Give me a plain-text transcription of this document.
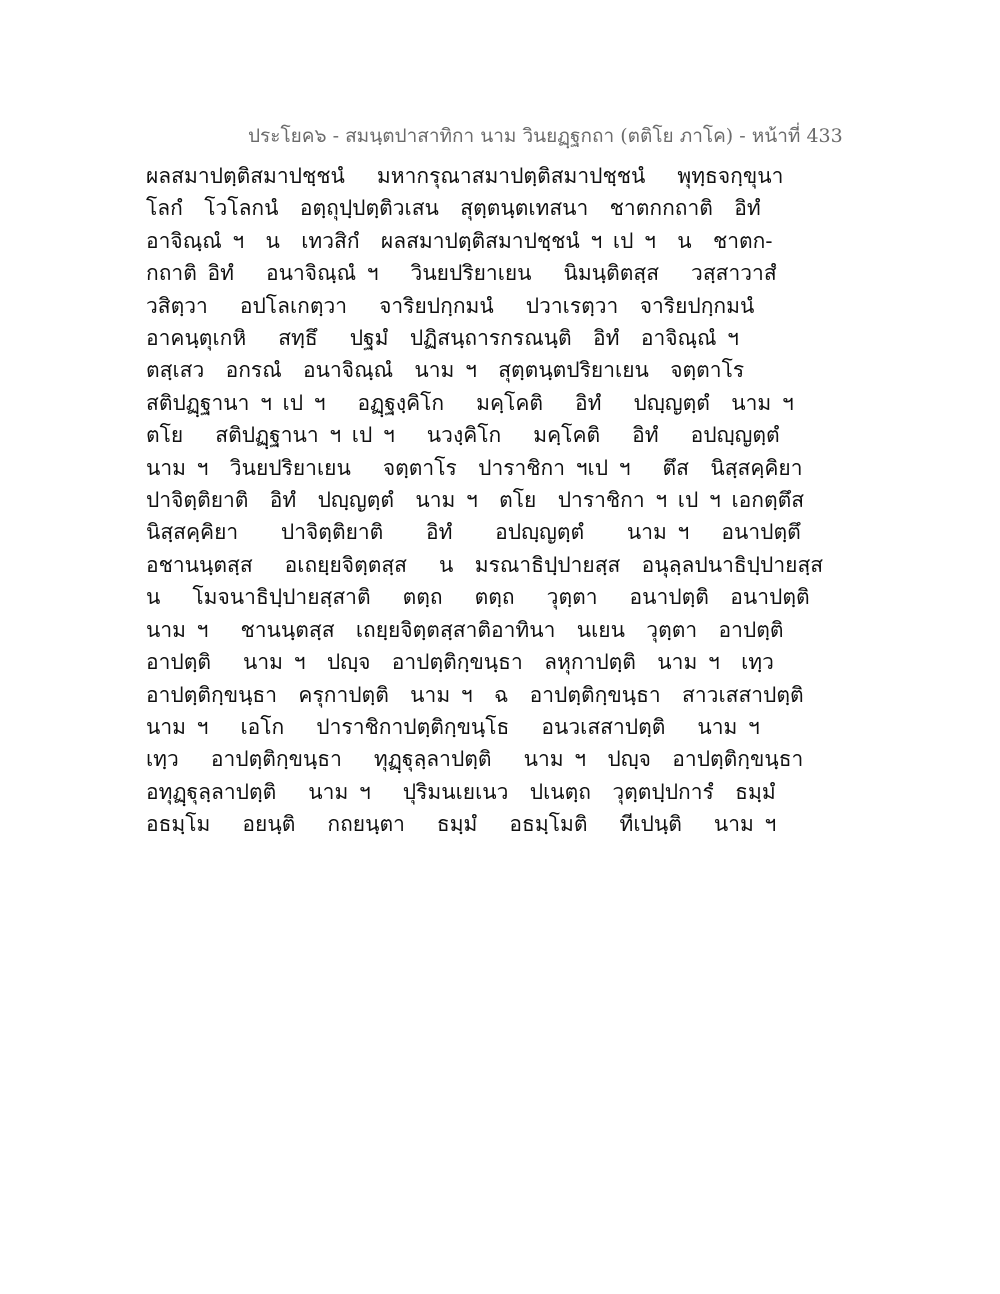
ประโยค๖ - สมนฺตปาสาทิกา นาม วินยฏฺฐกถา (ตติโย ภาโค) - หน้าที่ 433
ผลสมาปตฺติสมาปชฺชนํ   มหากรุณาสมาปตฺติสมาปชฺชนํ   พุทฺธจกฺขุนา
โลกํ  โวโลกนํ  อตฺถุปฺปตฺติวเสน  สุตฺตนฺตเทสนา  ชาตกกถาติ  อิทํ
อาจิณฺณํ ฯ  น  เทวสิกํ  ผลสมาปตฺติสมาปชฺชนํ ฯ เป ฯ  น  ชาตก-
กถาติ อิทํ   อนาจิณฺณํ ฯ   วินยปริยาเยน   นิมนฺติตสฺส   วสฺสาวาสํ
วสิตฺวา   อปโลเกตฺวา   จาริยปกฺกมนํ   ปวาเรตฺวา  จาริยปกฺกมนํ
อาคนฺตุเกหิ   สทฺธึ   ปฐมํ  ปฏิสนฺถารกรณนฺติ  อิทํ  อาจิณฺณํ ฯ
ตสฺเสว  อกรณํ  อนาจิณฺณํ  นาม ฯ  สุตฺตนฺตปริยาเยน  จตฺตาโร
สติปฏฺฐานา ฯ เป ฯ   อฏฺฐงฺคิโก   มคฺโคติ   อิทํ   ปญฺญตฺตํ  นาม ฯ
ตโย   สติปฏฺฐานา ฯ เป ฯ   นวงฺคิโก   มคฺโคติ   อิทํ   อปญฺญตฺตํ
นาม ฯ  วินยปริยาเยน   จตฺตาโร  ปาราชิกา ฯเป ฯ   ตึส  นิสฺสคฺคิยา
ปาจิตฺติยาติ  อิทํ  ปญฺญตฺตํ  นาม ฯ  ตโย  ปาราชิกา ฯ เป ฯ เอกตฺตึส
นิสฺสคฺคิยา    ปาจิตฺติยาติ    อิทํ    อปญฺญตฺตํ    นาม ฯ   อนาปตฺตึ
อชานนฺตสฺส   อเถยฺยจิตฺตสฺส   น  มรณาธิปฺปายสฺส  อนุลฺลปนาธิปฺปายสฺส
น   โมจนาธิปฺปายสฺสาติ   ตตฺถ   ตตฺถ   วุตฺตา   อนาปตฺติ  อนาปตฺติ
นาม ฯ   ชานนฺตสฺส  เถยฺยจิตฺตสฺสาติอาทินา  นเยน  วุตฺตา  อาปตฺติ
อาปตฺติ   นาม ฯ  ปญฺจ  อาปตฺติกฺขนฺธา  ลหุกาปตฺติ  นาม ฯ  เทฺว
อาปตฺติกฺขนฺธา  ครุกาปตฺติ  นาม ฯ  ฉ  อาปตฺติกฺขนฺธา  สาวเสสาปตฺติ
นาม ฯ   เอโก   ปาราชิกาปตฺติกฺขนฺโธ   อนวเสสาปตฺติ   นาม ฯ
เทฺว   อาปตฺติกฺขนฺธา   ทุฏฺฐุลฺลาปตฺติ   นาม ฯ  ปญฺจ  อาปตฺติกฺขนฺธา
อทุฏฺฐุลฺลาปตฺติ   นาม ฯ   ปุริมนเยเนว  ปเนตฺถ  วุตฺตปฺปการํ  ธมฺมํ
อธมฺโม   อยนฺติ   กถยนฺตา   ธมฺมํ   อธมฺโมติ   ทีเปนฺติ   นาม ฯ
